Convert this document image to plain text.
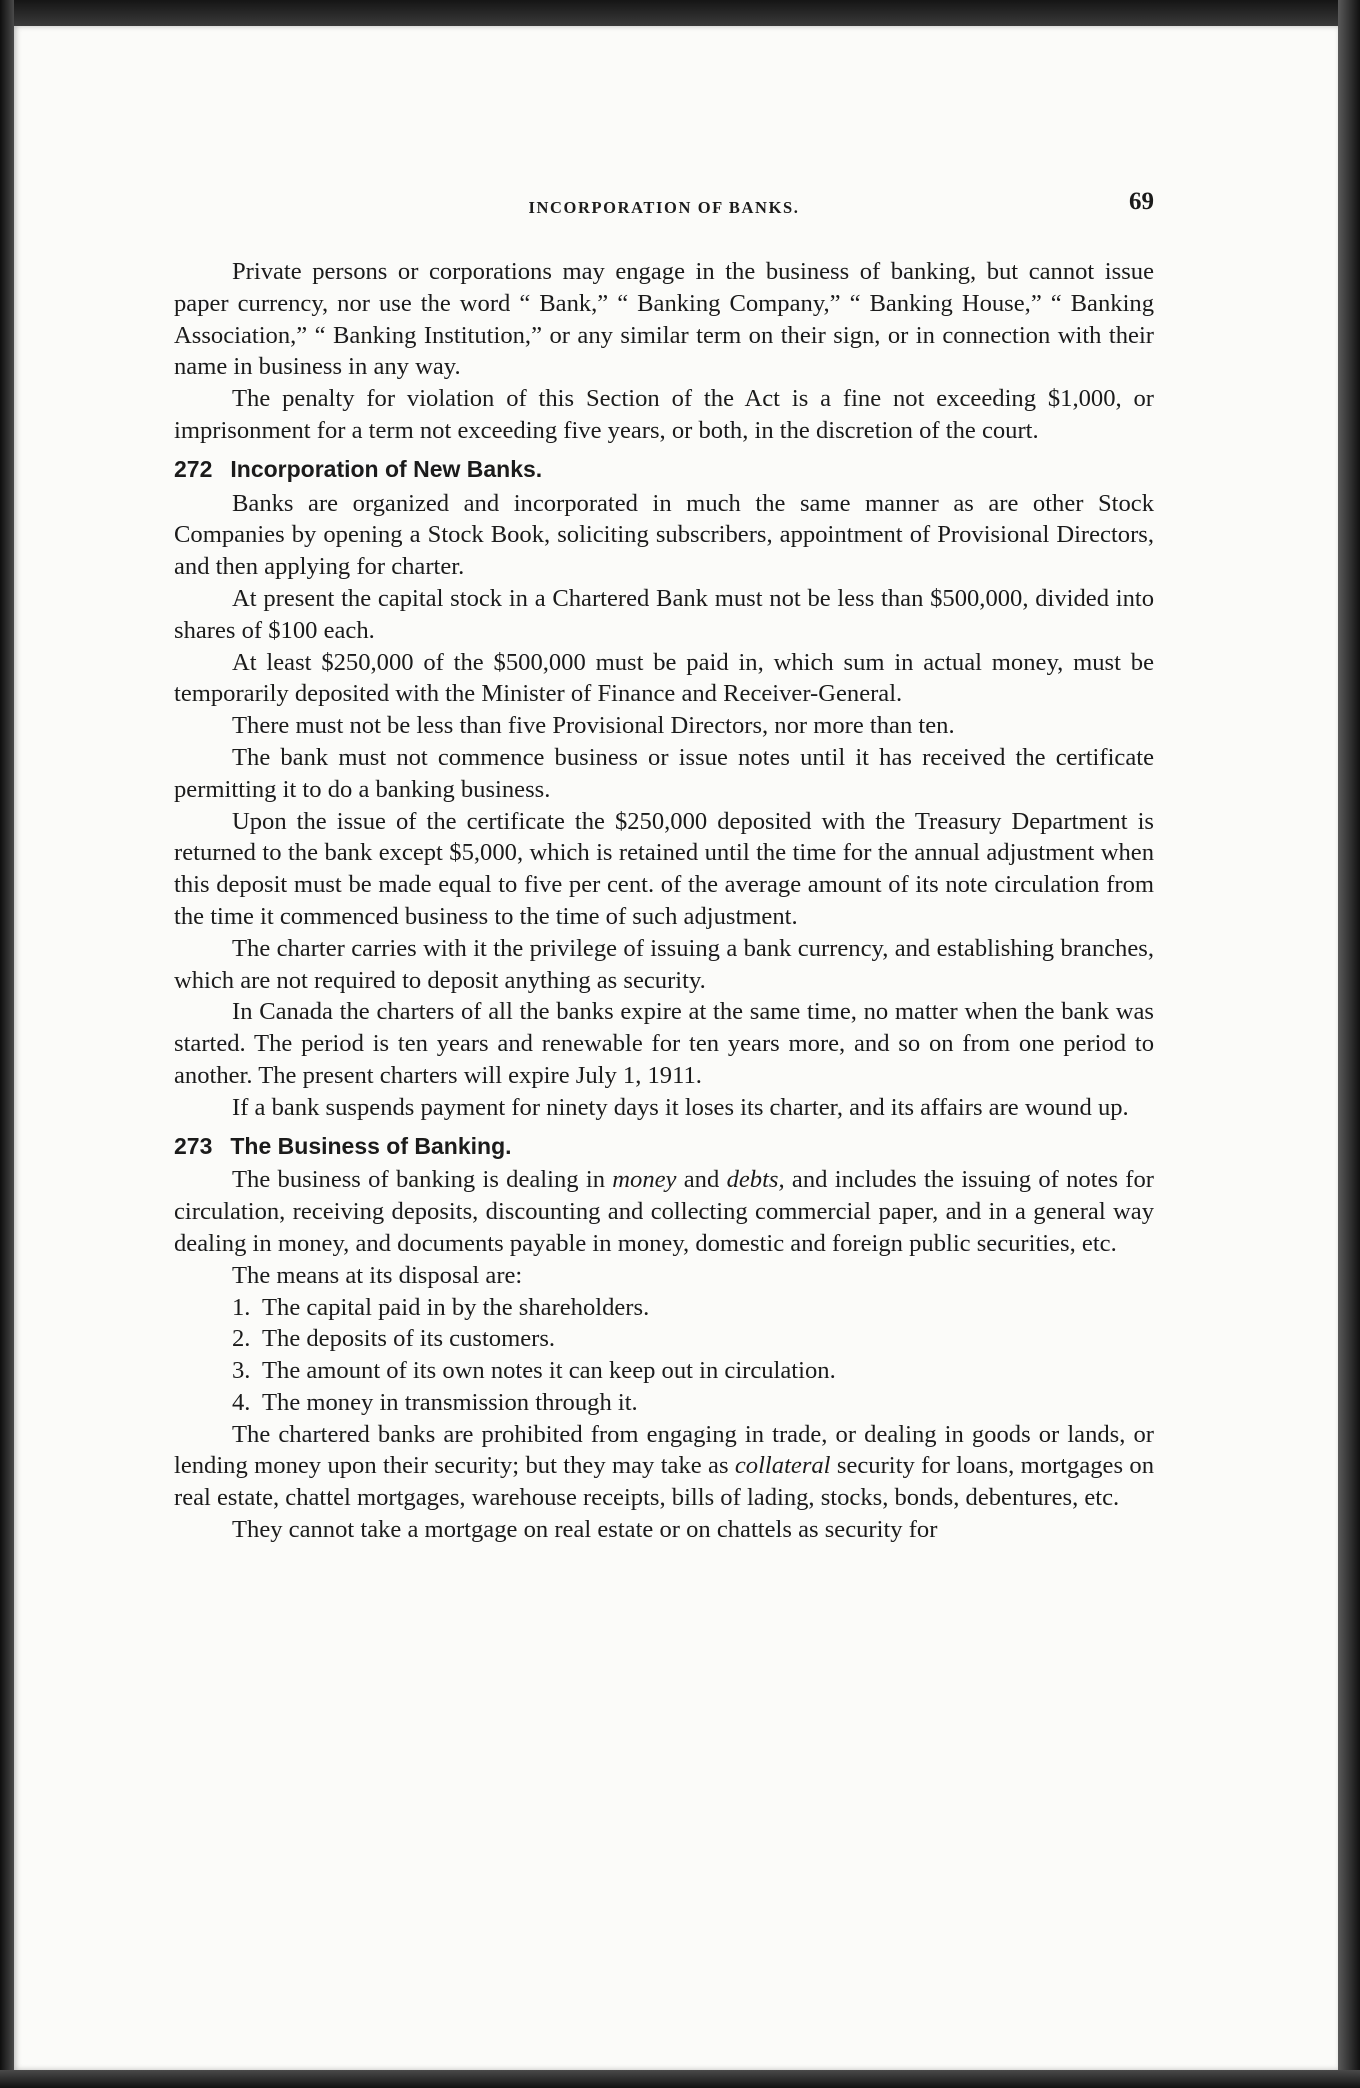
INCORPORATION OF BANKS.	69

Private persons or corporations may engage in the business of banking, but cannot issue paper currency, nor use the word “ Bank,” “ Banking Company,” “ Banking House,” “ Banking Association,” “ Banking Institution,” or any similar term on their sign, or in connection with their name in business in any way.

The penalty for violation of this Section of the Act is a fine not exceeding $1,000, or imprisonment for a term not exceeding five years, or both, in the discretion of the court.

272 Incorporation of New Banks.

Banks are organized and incorporated in much the same manner as are other Stock Companies by opening a Stock Book, soliciting subscribers, appointment of Provisional Directors, and then applying for charter.

At present the capital stock in a Chartered Bank must not be less than $500,000, divided into shares of $100 each.

At least $250,000 of the $500,000 must be paid in, which sum in actual money, must be temporarily deposited with the Minister of Finance and Receiver-General.

There must not be less than five Provisional Directors, nor more than ten.

The bank must not commence business or issue notes until it has received the certificate permitting it to do a banking business.

Upon the issue of the certificate the $250,000 deposited with the Treasury Department is returned to the bank except $5,000, which is retained until the time for the annual adjustment when this deposit must be made equal to five per cent. of the average amount of its note circulation from the time it commenced business to the time of such adjustment.

The charter carries with it the privilege of issuing a bank currency, and establishing branches, which are not required to deposit anything as security.

In Canada the charters of all the banks expire at the same time, no matter when the bank was started. The period is ten years and renewable for ten years more, and so on from one period to another. The present charters will expire July 1, 1911.

If a bank suspends payment for ninety days it loses its charter, and its affairs are wound up.

273 The Business of Banking.

The business of banking is dealing in money and debts, and includes the issuing of notes for circulation, receiving deposits, discounting and collecting commercial paper, and in a general way dealing in money, and documents payable in money, domestic and foreign public securities, etc.

The means at its disposal are:

1. The capital paid in by the shareholders.
2. The deposits of its customers.
3. The amount of its own notes it can keep out in circulation.
4. The money in transmission through it.

The chartered banks are prohibited from engaging in trade, or dealing in goods or lands, or lending money upon their security; but they may take as collateral security for loans, mortgages on real estate, chattel mortgages, warehouse receipts, bills of lading, stocks, bonds, debentures, etc.

They cannot take a mortgage on real estate or on chattels as security for
